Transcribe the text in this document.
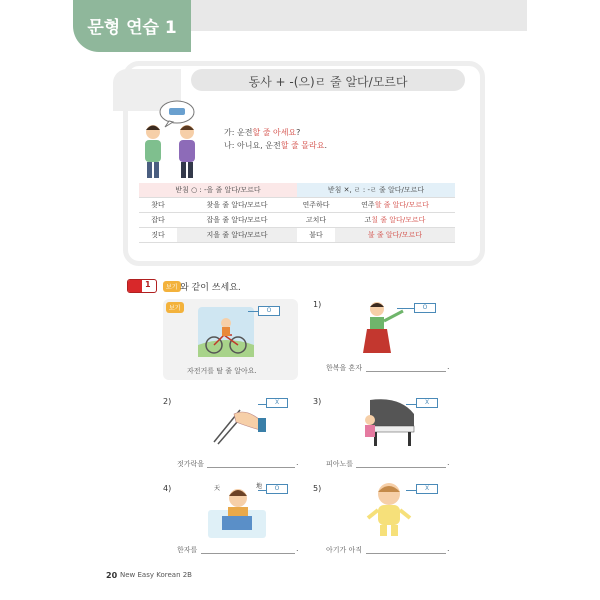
문형 연습 1
동사 + -(으)ㄹ 줄 알다/모르다
가: 운전할 줄 아세요?
나: 아니요, 운전할 줄 몰라요.
받침 ○ : -을 줄 알다/모르다		받침 ✕, ㄹ : -ㄹ 줄 알다/모르다	
찾다	찾을 줄 알다/모르다	연주하다	연주할 줄 알다/모르다
잡다	잡을 줄 알다/모르다	고치다	고칠 줄 알다/모르다
짓다	지을 줄 알다/모르다	불다	불 줄 알다/모르다
1	보기 와 같이 쓰세요.
보기	O
자전거를 탈 줄 알아요.
1)	O
한복을 혼자	.
2)	X
젓가락을	.
3)	X
피아노를	.
4)	天	地	O
한자를	.
5)	X
아기가 아직	.
20 New Easy Korean 2B
